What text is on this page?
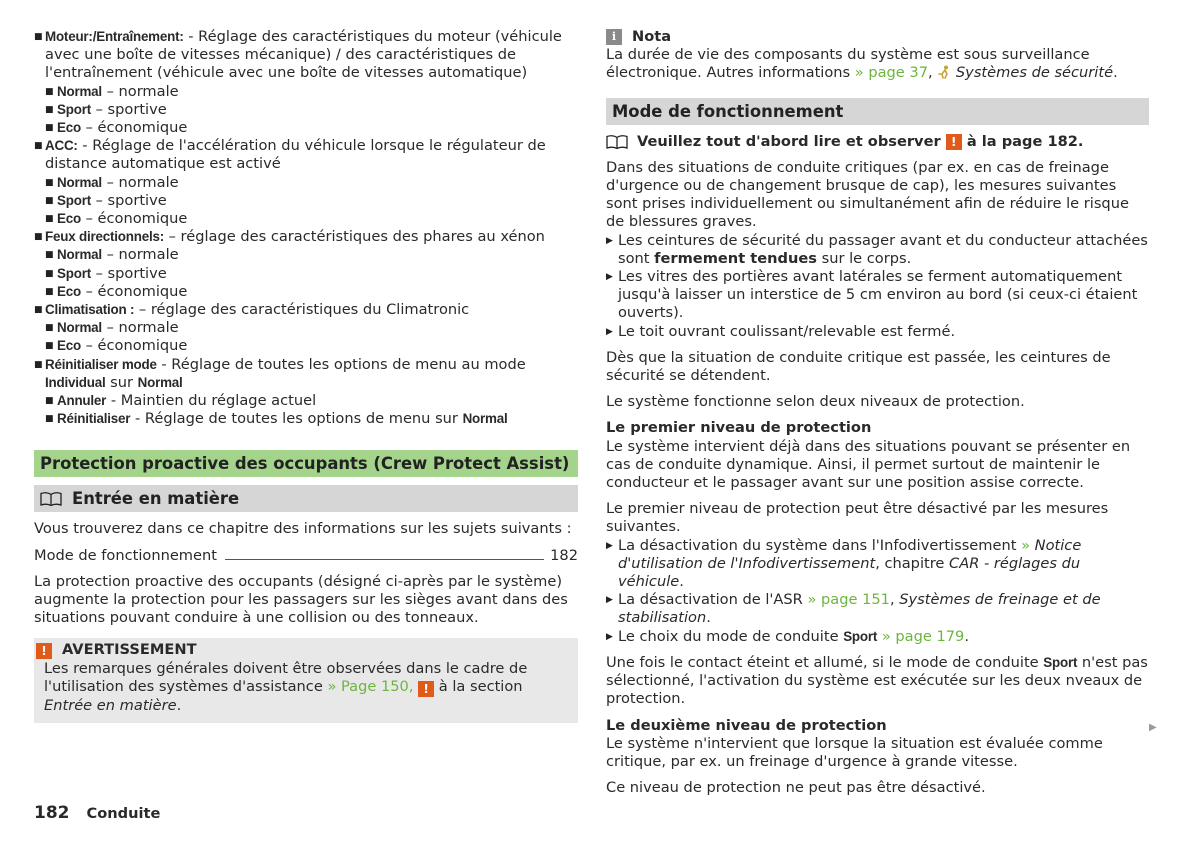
■ Moteur:/Entraînement: - Réglage des caractéristiques du moteur (véhicule avec une boîte de vitesses mécanique) / des caractéristiques de l'entraînement (véhicule avec une boîte de vitesses automatique)
■ Normal – normale
■ Sport – sportive
■ Eco – économique
■ ACC: - Réglage de l'accélération du véhicule lorsque le régulateur de distance automatique est activé
■ Normal – normale
■ Sport – sportive
■ Eco – économique
■ Feux directionnels: – réglage des caractéristiques des phares au xénon
■ Normal – normale
■ Sport – sportive
■ Eco – économique
■ Climatisation : – réglage des caractéristiques du Climatronic
■ Normal – normale
■ Eco – économique
■ Réinitialiser mode - Réglage de toutes les options de menu au mode Individual sur Normal
■ Annuler - Maintien du réglage actuel
■ Réinitialiser - Réglage de toutes les options de menu sur Normal
Protection proactive des occupants (Crew Protect Assist)
Entrée en matière

Vous trouverez dans ce chapitre des informations sur les sujets suivants :

Mode de fonctionnement	182

La protection proactive des occupants (désigné ci-après par le système) augmente la protection pour les passagers sur les sièges avant dans des situations pouvant conduire à une collision ou des tonneaux.

!	AVERTISSEMENT

Les remarques générales doivent être observées dans le cadre de l'utilisation des systèmes d'assistance » Page 150, ! à la section Entrée en matière.

i	Nota

La durée de vie des composants du système est sous surveillance électronique. Autres informations » page 37,  Systèmes de sécurité.

Mode de fonctionnement
Veuillez tout d'abord lire et observer
!
à la page 182.

Dans des situations de conduite critiques (par ex. en cas de freinage d'urgence ou de changement brusque de cap), les mesures suivantes sont prises individuellement ou simultanément afin de réduire le risque de blessures graves.

▶ Les ceintures de sécurité du passager avant et du conducteur attachées sont fermement tendues sur le corps.
▶ Les vitres des portières avant latérales se ferment automatiquement jusqu'à laisser un interstice de 5 cm environ au bord (si ceux-ci étaient ouverts).
▶ Le toit ouvrant coulissant/relevable est fermé.

Dès que la situation de conduite critique est passée, les ceintures de sécurité se détendent.

Le système fonctionne selon deux niveaux de protection.

Le premier niveau de protection

Le système intervient déjà dans des situations pouvant se présenter en cas de conduite dynamique. Ainsi, il permet surtout de maintenir le conducteur et le passager avant sur une position assise correcte.

Le premier niveau de protection peut être désactivé par les mesures suivantes.

▶ La désactivation du système dans l'Infodivertissement » Notice d'utilisation de l'Infodivertissement, chapitre CAR - réglages du véhicule.
▶ La désactivation de l'ASR » page 151, Systèmes de freinage et de stabilisation.
▶ Le choix du mode de conduite Sport » page 179.

Une fois le contact éteint et allumé, si le mode de conduite Sport n'est pas sélectionné, l'activation du système est exécutée sur les deux nveaux de protection.

Le deuxième niveau de protection

Le système n'intervient que lorsque la situation est évaluée comme critique, par ex. un freinage d'urgence à grande vitesse.

Ce niveau de protection ne peut pas être désactivé.

▶
182 Conduite
